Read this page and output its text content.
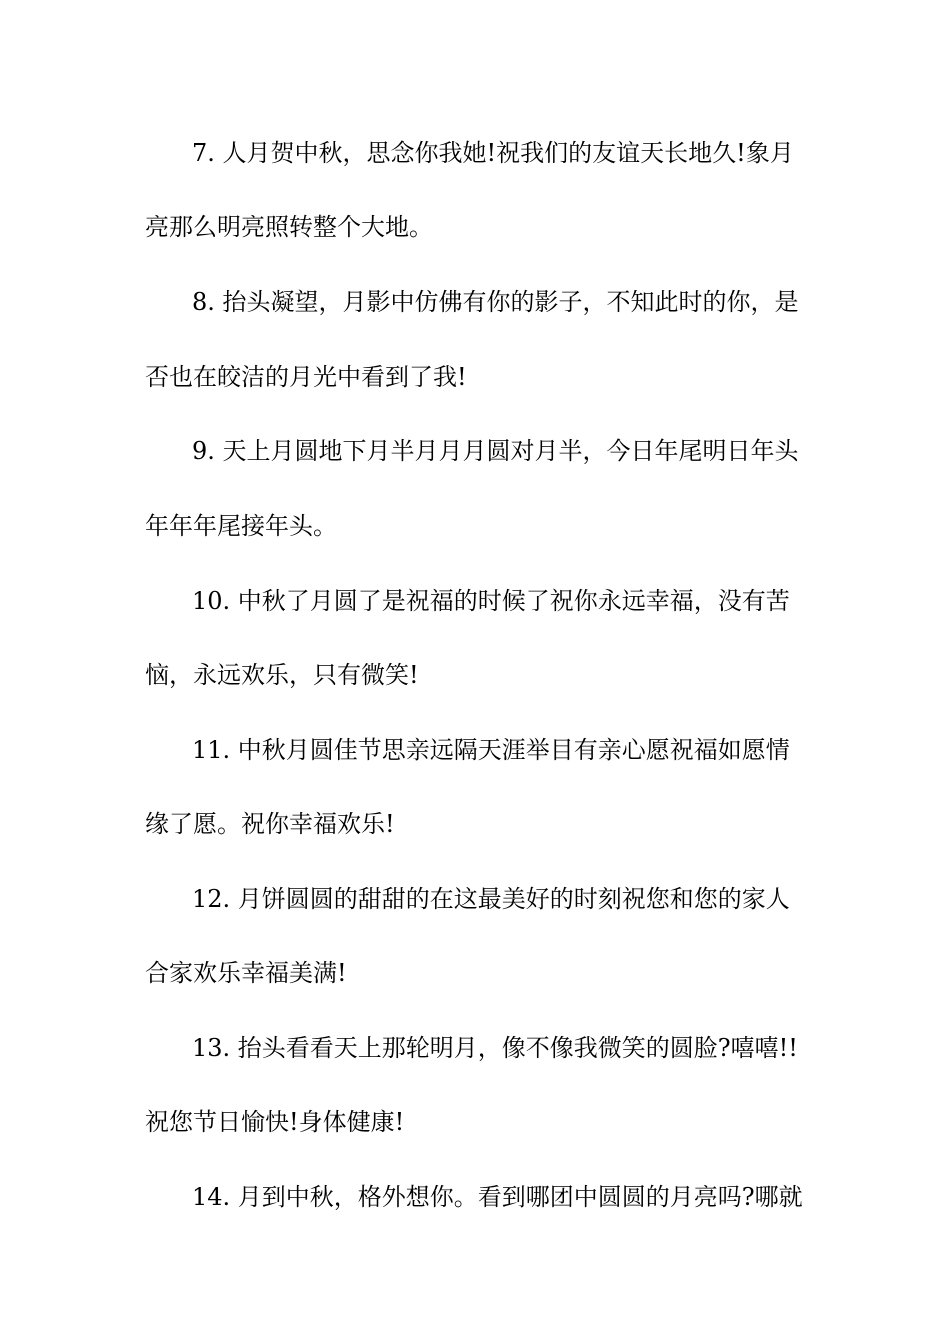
7. 人月贺中秋，思念你我她!祝我们的友谊天长地久!象月

亮那么明亮照转整个大地。

8. 抬头凝望，月影中仿佛有你的影子，不知此时的你，是

否也在皎洁的月光中看到了我!

9. 天上月圆地下月半月月月圆对月半，今日年尾明日年头

年年年尾接年头。

10. 中秋了月圆了是祝福的时候了祝你永远幸福，没有苦

恼，永远欢乐，只有微笑!

11. 中秋月圆佳节思亲远隔天涯举目有亲心愿祝福如愿情

缘了愿。祝你幸福欢乐!

12. 月饼圆圆的甜甜的在这最美好的时刻祝您和您的家人

合家欢乐幸福美满!

13. 抬头看看天上那轮明月，像不像我微笑的圆脸?嘻嘻!!

祝您节日愉快!身体健康!

14. 月到中秋，格外想你。看到哪团中圆圆的月亮吗?哪就
